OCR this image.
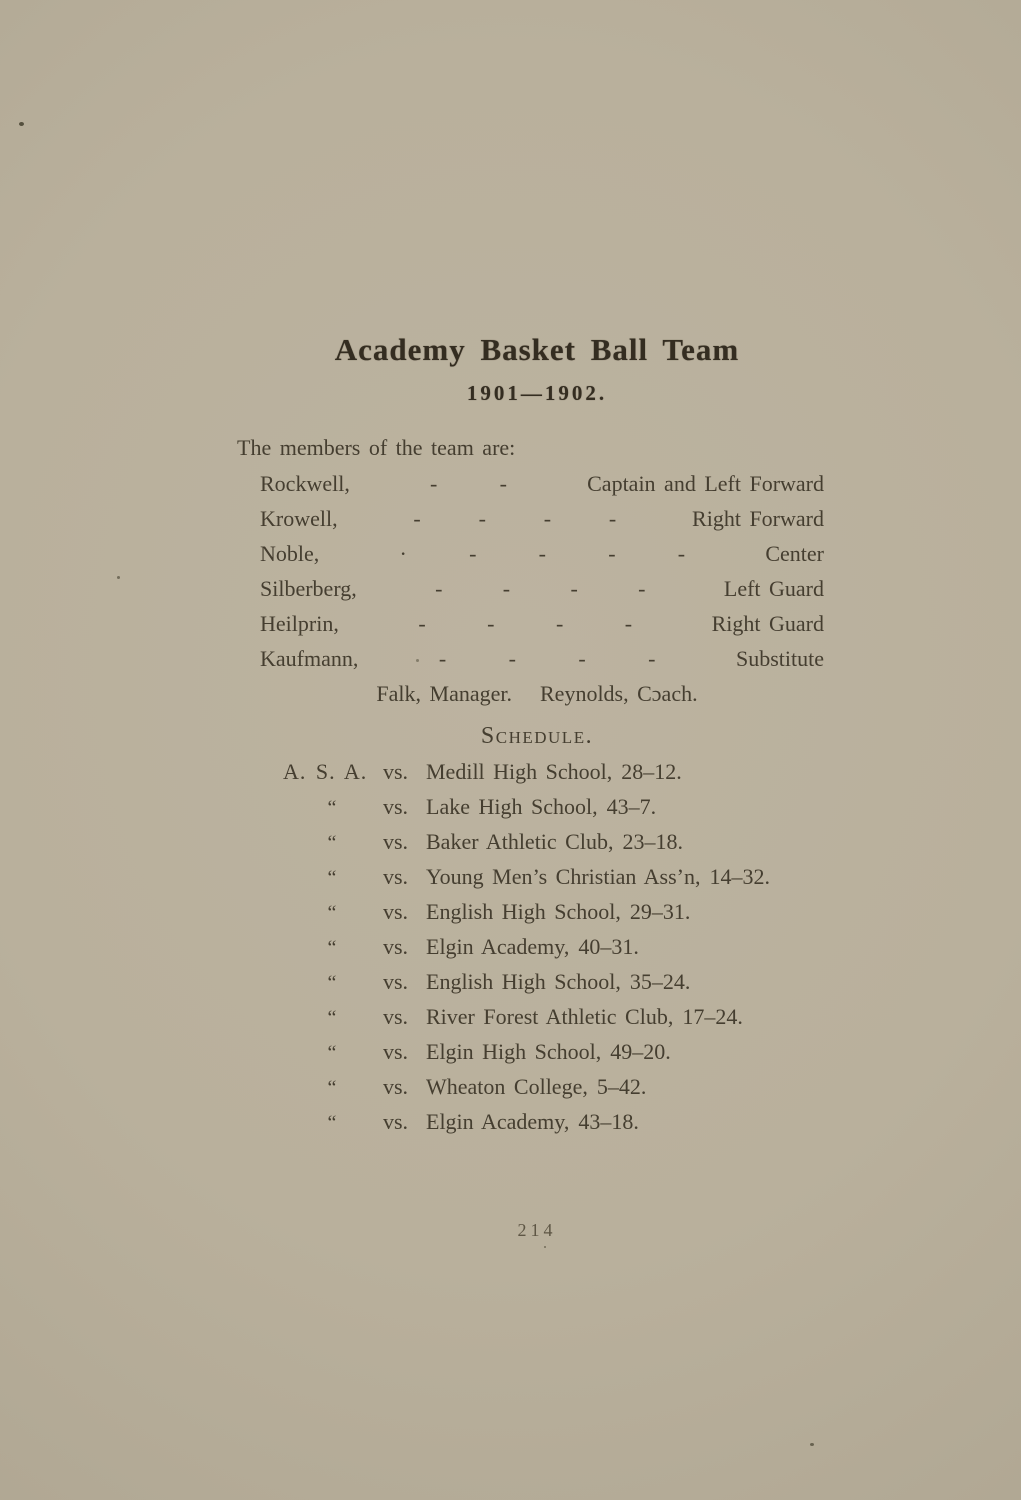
Academy Basket Ball Team
1901—1902.
The members of the team are:
Rockwell,	-	-	Captain and Left Forward
Krowell,	-	-	-	-	Right Forward
Noble,	·	-	-	-	-	Center
Silberberg,	-	-	-	-	Left Guard
Heilprin,	-	-	-	-	Right Guard
Kaufmann,	-	-	-	-	Substitute
Falk, Manager. Reynolds, Cɔach.
Schedule.
A. S. A. vs. Medill High School, 28–12.
“	vs. Lake High School, 43–7.
“	vs. Baker Athletic Club, 23–18.
“	vs. Young Men’s Christian Ass’n, 14–32.
“	vs. English High School, 29–31.
“	vs. Elgin Academy, 40–31.
“	vs. English High School, 35–24.
“	vs. River Forest Athletic Club, 17–24.
“	vs. Elgin High School, 49–20.
“	vs. Wheaton College, 5–42.
“	vs. Elgin Academy, 43–18.
214
